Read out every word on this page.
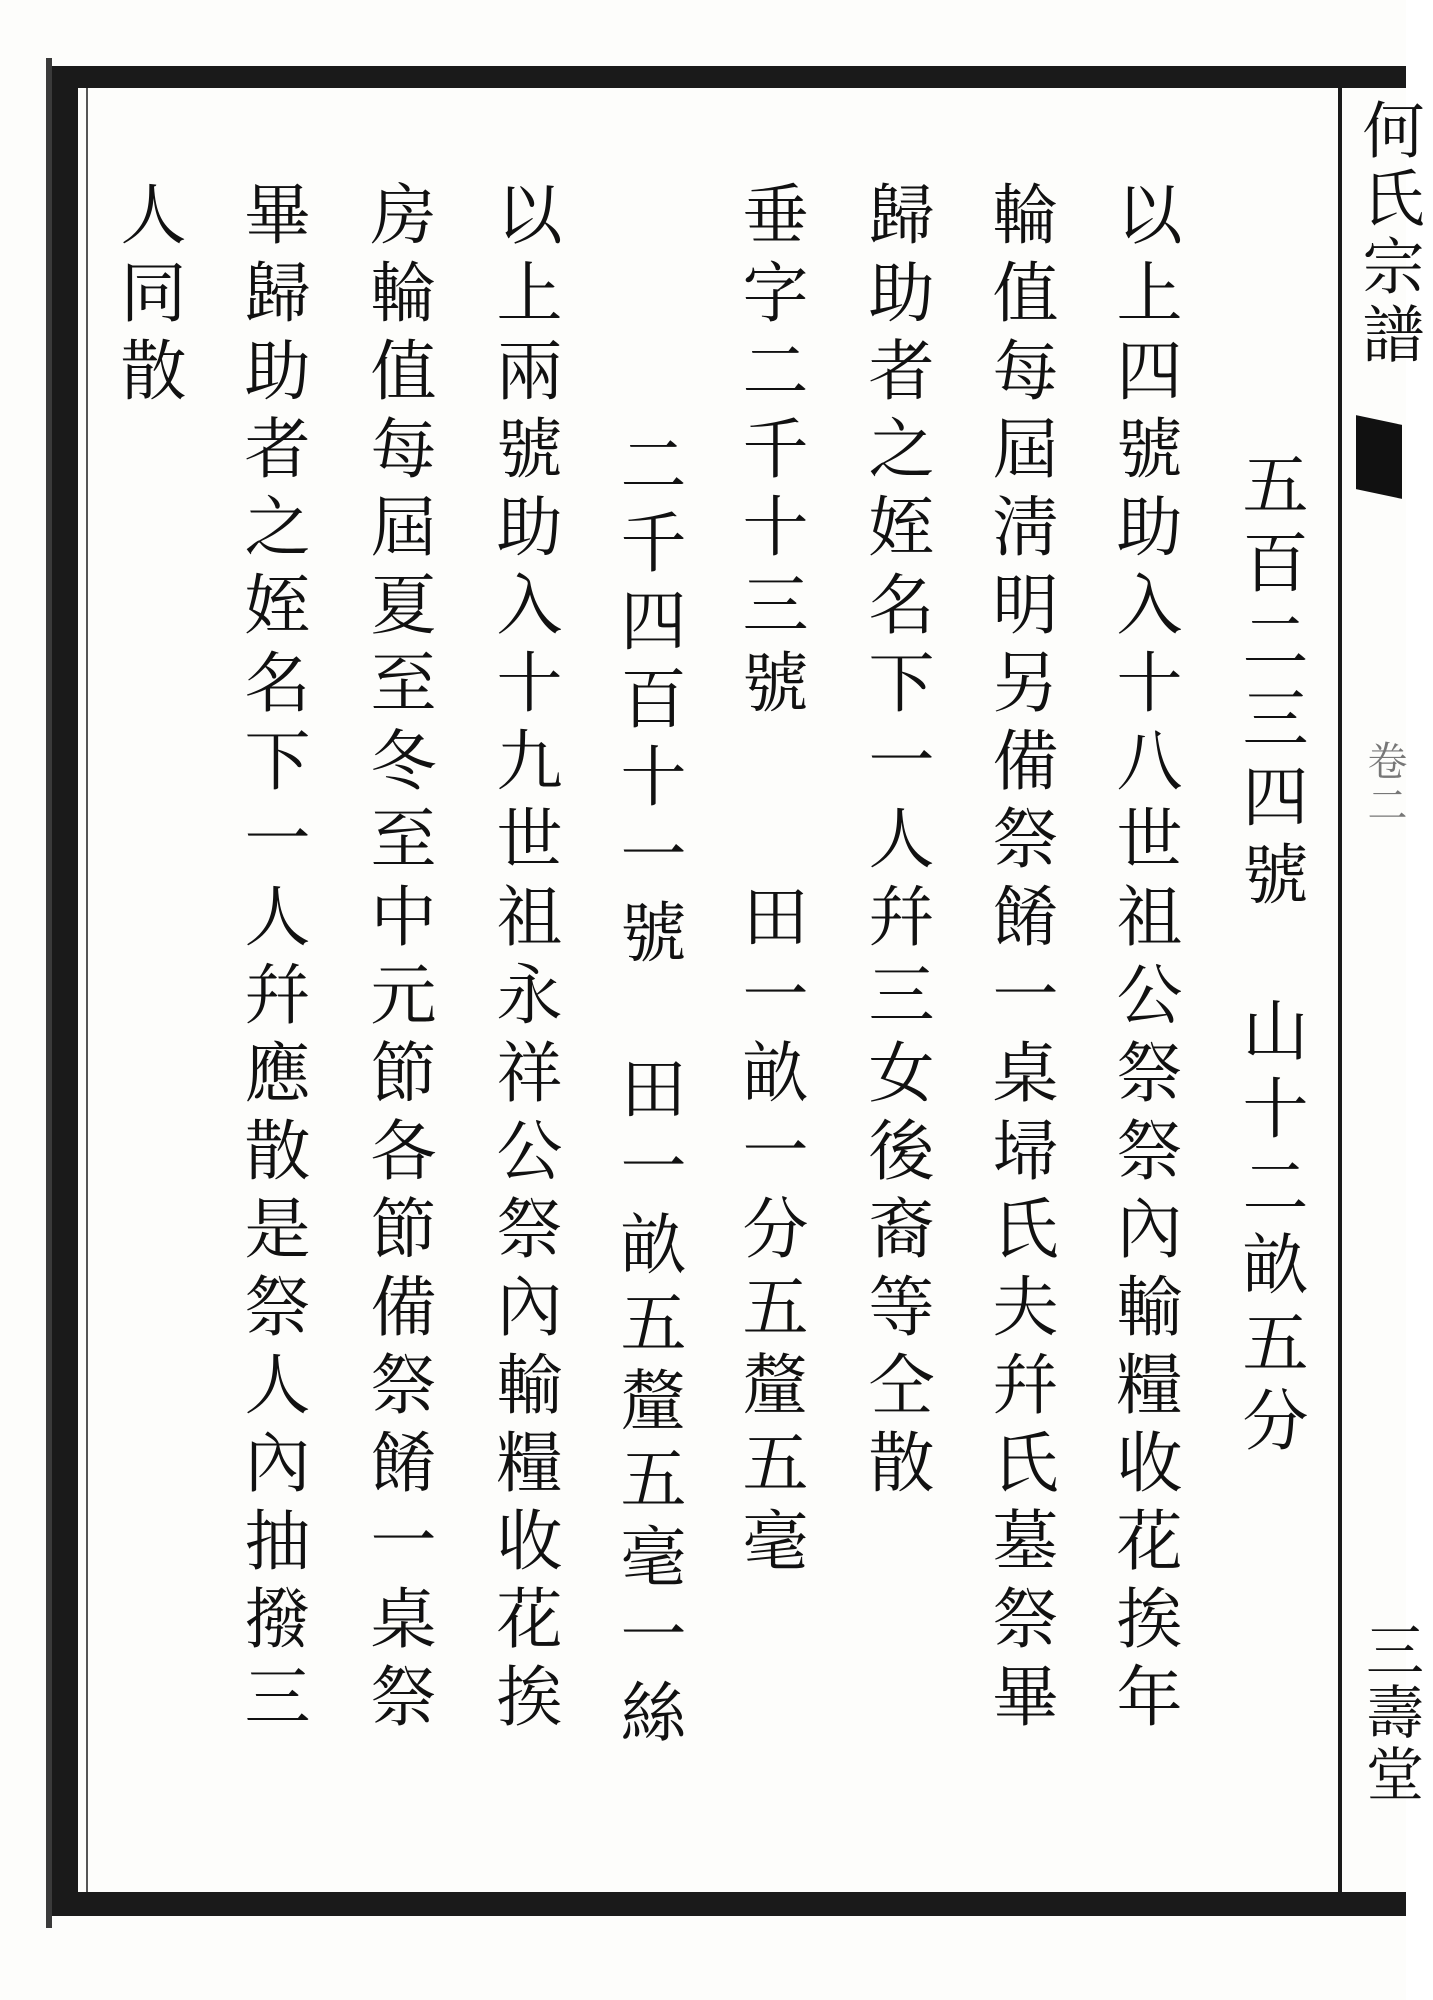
何氏宗譜
卷二
三壽堂
五百二三四號　山十二畝五分
以上四號助入十八世祖公祭祭內輸糧收花挨年
輪值每屆淸明另備祭餚一桌埽氏夫幷氏墓祭畢
歸助者之姪名下一人幷三女後裔等仝散
垂字二千十三號　　田一畝一分五釐五毫
二千四百十一號　田一畝五釐五毫一絲
以上兩號助入十九世祖永祥公祭內輸糧收花挨
房輪值每屆夏至冬至中元節各節備祭餚一桌祭
畢歸助者之姪名下一人幷應散是祭人內抽撥三
人同散
